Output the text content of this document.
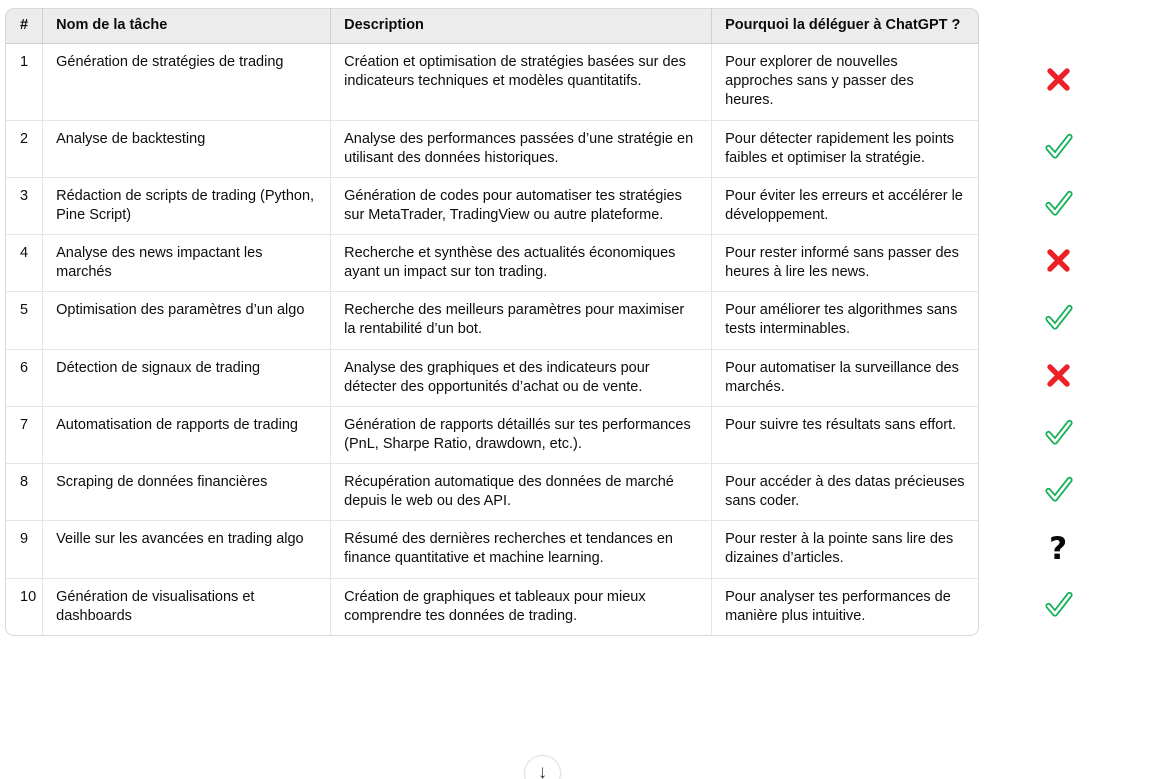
#	Nom de la tâche	Description	Pourquoi la déléguer à ChatGPT ?	
1	Génération de stratégies de trading	Création et optimisation de stratégies basées sur des indicateurs techniques et modèles quantitatifs.	Pour explorer de nouvelles approches sans y passer des heures.	
2	Analyse de backtesting	Analyse des performances passées d’une stratégie en utilisant des données historiques.	Pour détecter rapidement les points faibles et optimiser la stratégie.	
3	Rédaction de scripts de trading (Python, Pine Script)	Génération de codes pour automatiser tes stratégies sur MetaTrader, TradingView ou autre plateforme.	Pour éviter les erreurs et accélérer le développement.	
4	Analyse des news impactant les marchés	Recherche et synthèse des actualités économiques ayant un impact sur ton trading.	Pour rester informé sans passer des heures à lire les news.	
5	Optimisation des paramètres d’un algo	Recherche des meilleurs paramètres pour maximiser la rentabilité d’un bot.	Pour améliorer tes algorithmes sans tests interminables.	
6	Détection de signaux de trading	Analyse des graphiques et des indicateurs pour détecter des opportunités d’achat ou de vente.	Pour automatiser la surveillance des marchés.	
7	Automatisation de rapports de trading	Génération de rapports détaillés sur tes performances (PnL, Sharpe Ratio, drawdown, etc.).	Pour suivre tes résultats sans effort.	
8	Scraping de données financières	Récupération automatique des données de marché depuis le web ou des API.	Pour accéder à des datas précieuses sans coder.	
9	Veille sur les avancées en trading algo	Résumé des dernières recherches et tendances en finance quantitative et machine learning.	Pour rester à la pointe sans lire des dizaines d’articles.	?
10	Génération de visualisations et dashboards	Création de graphiques et tableaux pour mieux comprendre tes données de trading.	Pour analyser tes performances de manière plus intuitive.	
↓
